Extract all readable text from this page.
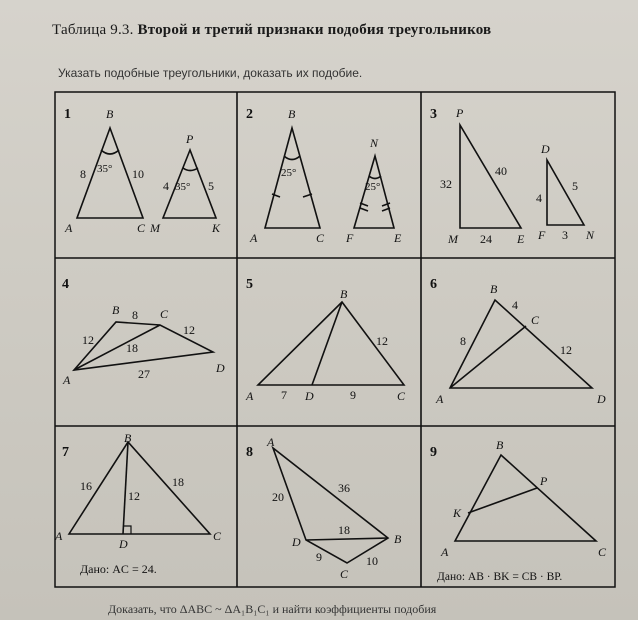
Таблица 9.3. Второй и третий признаки подобия треугольников
Указать подобные треугольники, доказать их подобие.
1	2	3
4	5	6
7	8	9
B
A	C
P
M	K
8	10
35°
4	5
35°
B
A	C
N
F	E
25°
25°
P
M	E
D
F	N
32
40
24
4
5
3
A
B	C
D
8
12
12
18
27
A
B
C
D
12
7	9	A
B
C
D
4
8
12
A
B
C
D
16
12
18
Дано: AC = 24.
A
B
C
D
20
36
18
9	10
A
B
C
K
P
Дано: AB · BK = CB · BP.
Доказать, что ΔABC ~ ΔA₁B₁C₁ и найти коэффициенты подобия
